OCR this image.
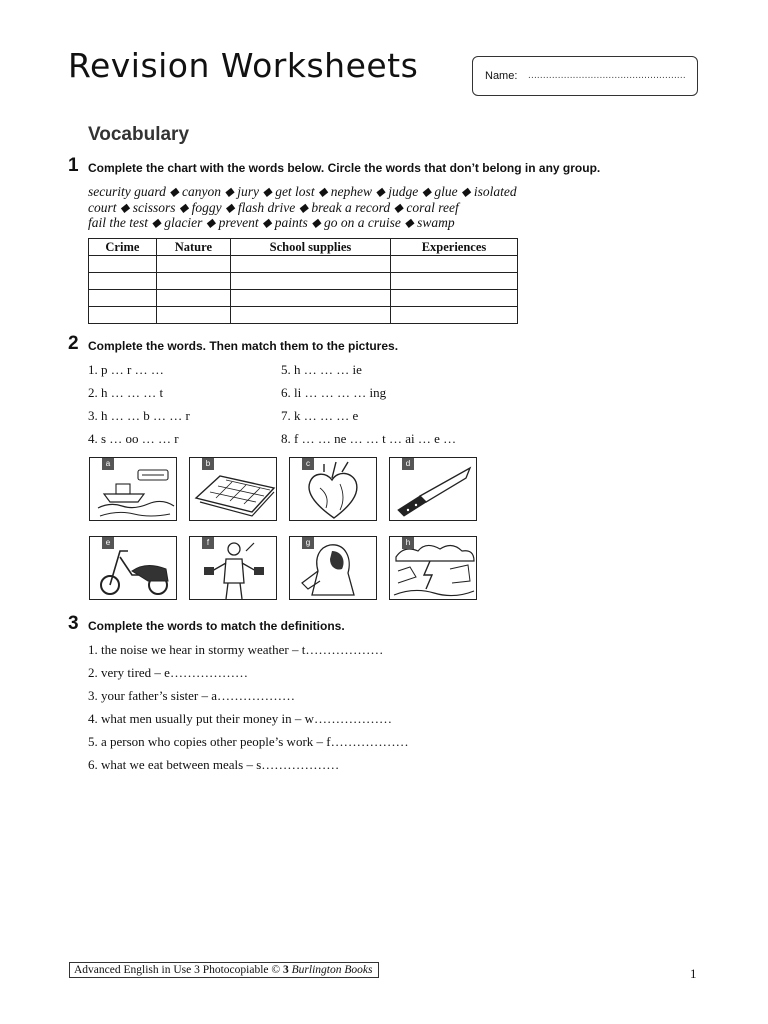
Revision Worksheets	Name: .....................................................
Vocabulary
1 Complete the chart with the words below. Circle the words that don’t belong in any group.
security guard ⬥ canyon ⬥ jury ⬥ get lost ⬥ nephew ⬥ judge ⬥ glue ⬥ isolated
court ⬥ scissors ⬥ foggy ⬥ flash drive ⬥ break a record ⬥ coral reef
fail the test ⬥ glacier ⬥ prevent ⬥ paints ⬥ go on a cruise ⬥ swamp
Crime	Nature	School supplies	Experiences

2 Complete the words. Then match them to the pictures.
1. p … r … …
2. h … … … t
3. h … … b … … r
4. s … oo … … r
5. h … … … ie
6. li … … … … ing
7. k … … … e
8. f … … ne … … t … ai … e …
a	b	c	d
e	f	g	h
3 Complete the words to match the definitions.
1. the noise we hear in stormy weather – t………………
2. very tired – e………………
3. your father’s sister – a………………
4. what men usually put their money in – w………………
5. a person who copies other people’s work – f………………
6. what we eat between meals – s………………
Advanced English in Use 3 Photocopiable © 3 Burlington Books	1
